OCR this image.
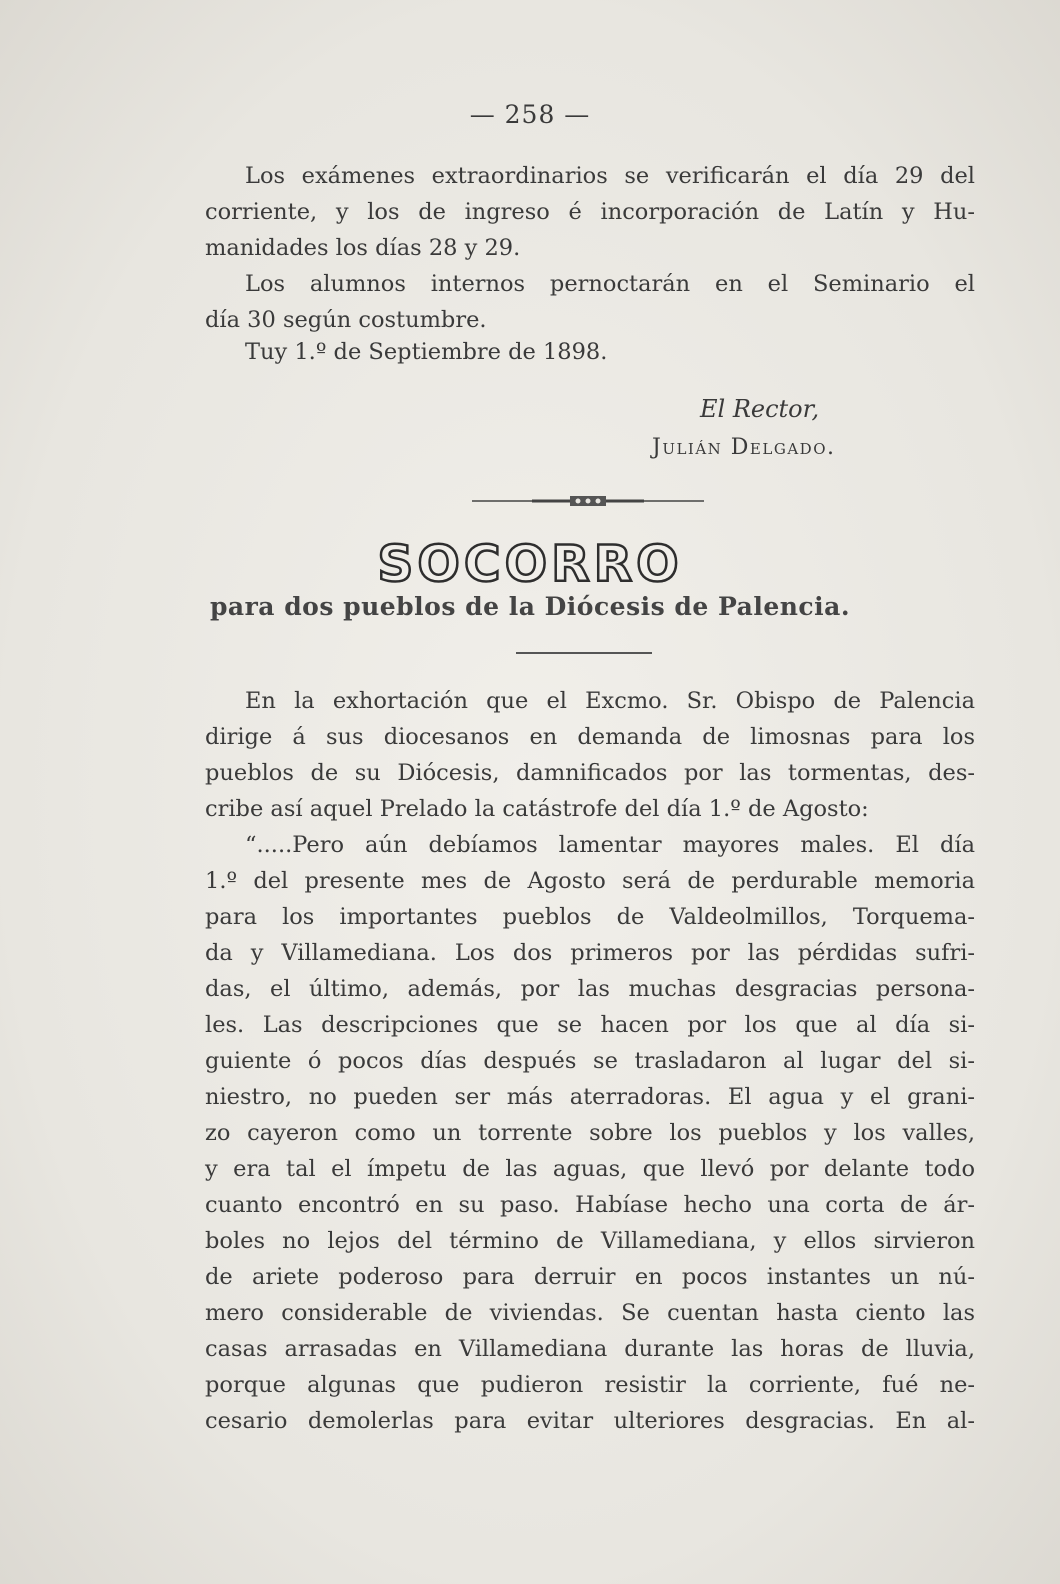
— 258 —
Los exámenes extraordinarios se verificarán el día 29 del
corriente, y los de ingreso é incorporación de Latín y Hu-
manidades los días 28 y 29.
Los alumnos internos pernoctarán en el Seminario el
día 30 según costumbre.
Tuy 1.º de Septiembre de 1898.
El Rector,
Julián Delgado.
SOCORRO
para dos pueblos de la Diócesis de Palencia.
En la exhortación que el Excmo. Sr. Obispo de Palencia
dirige á sus diocesanos en demanda de limosnas para los
pueblos de su Diócesis, damnificados por las tormentas, des-
cribe así aquel Prelado la catástrofe del día 1.º de Agosto:
“.....Pero aún debíamos lamentar mayores males. El día
1.º del presente mes de Agosto será de perdurable memoria
para los importantes pueblos de Valdeolmillos, Torquema-
da y Villamediana. Los dos primeros por las pérdidas sufri-
das, el último, además, por las muchas desgracias persona-
les. Las descripciones que se hacen por los que al día si-
guiente ó pocos días después se trasladaron al lugar del si-
niestro, no pueden ser más aterradoras. El agua y el grani-
zo cayeron como un torrente sobre los pueblos y los valles,
y era tal el ímpetu de las aguas, que llevó por delante todo
cuanto encontró en su paso. Habíase hecho una corta de ár-
boles no lejos del término de Villamediana, y ellos sirvieron
de ariete poderoso para derruir en pocos instantes un nú-
mero considerable de viviendas. Se cuentan hasta ciento las
casas arrasadas en Villamediana durante las horas de lluvia,
porque algunas que pudieron resistir la corriente, fué ne-
cesario demolerlas para evitar ulteriores desgracias. En al-
